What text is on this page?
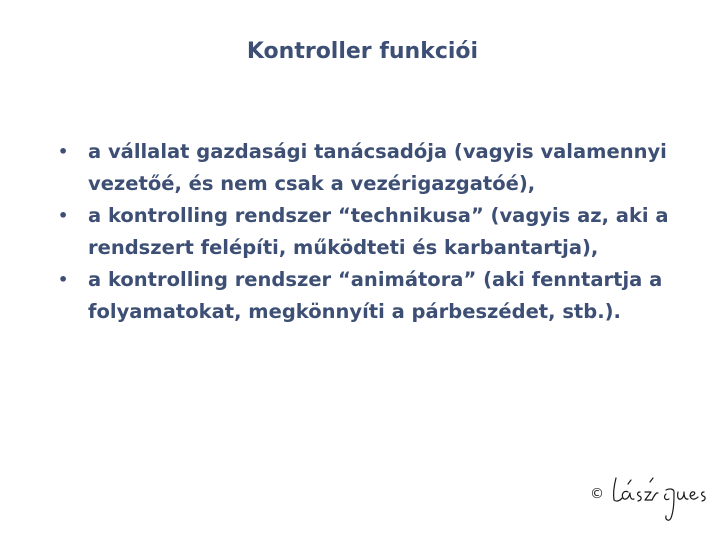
Kontroller funkciói
• a vállalat gazdasági tanácsadója (vagyis valamennyi vezetőé, és nem csak a vezérigazgatóé),
• a kontrolling rendszer “technikusa” (vagyis az, aki a rendszert felépíti, működteti és karbantartja),
• a kontrolling rendszer “animátora” (aki fenntartja a folyamatokat, megkönnyíti a párbeszédet, stb.).
©
